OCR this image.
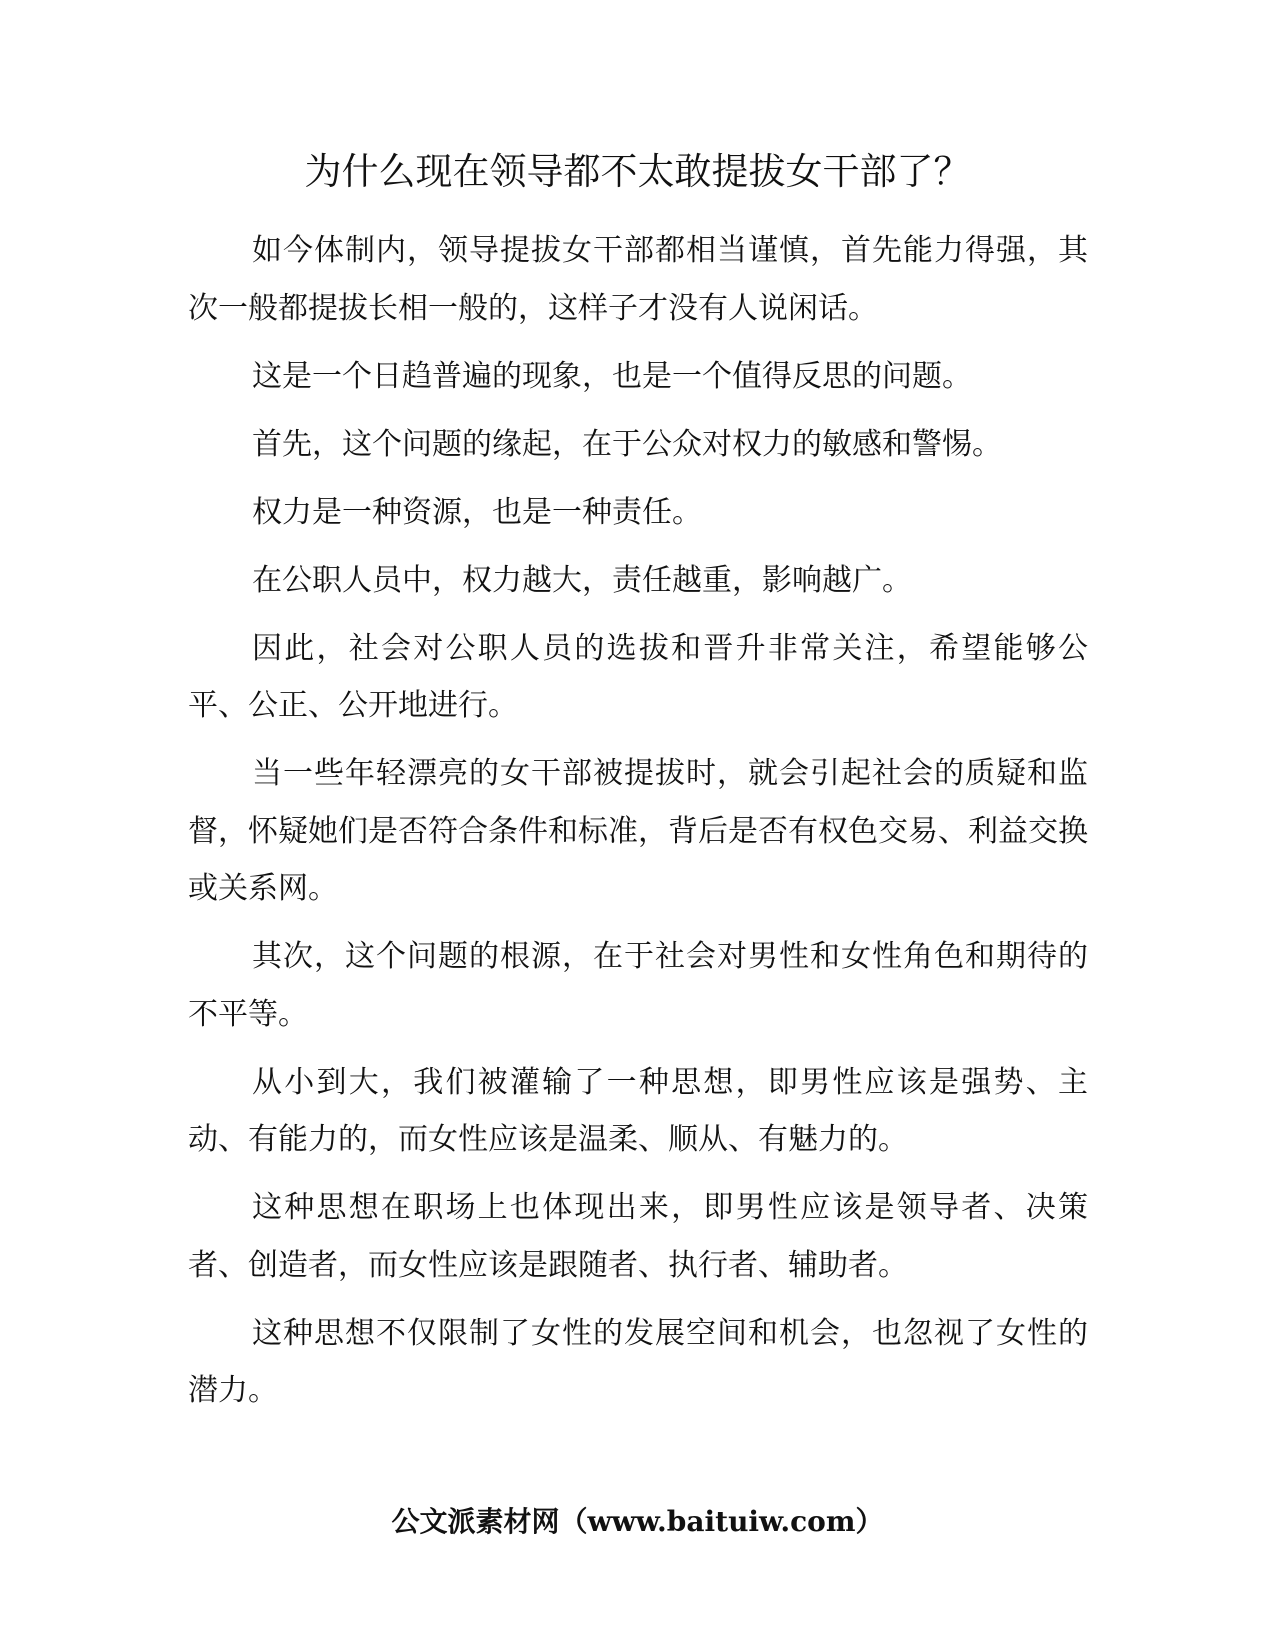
为什么现在领导都不太敢提拔女干部了？

如今体制内，领导提拔女干部都相当谨慎，首先能力得强，其次一般都提拔长相一般的，这样子才没有人说闲话。

这是一个日趋普遍的现象，也是一个值得反思的问题。

首先，这个问题的缘起，在于公众对权力的敏感和警惕。

权力是一种资源，也是一种责任。

在公职人员中，权力越大，责任越重，影响越广。

因此，社会对公职人员的选拔和晋升非常关注，希望能够公平、公正、公开地进行。

当一些年轻漂亮的女干部被提拔时，就会引起社会的质疑和监督，怀疑她们是否符合条件和标准，背后是否有权色交易、利益交换或关系网。

其次，这个问题的根源，在于社会对男性和女性角色和期待的不平等。

从小到大，我们被灌输了一种思想，即男性应该是强势、主动、有能力的，而女性应该是温柔、顺从、有魅力的。

这种思想在职场上也体现出来，即男性应该是领导者、决策者、创造者，而女性应该是跟随者、执行者、辅助者。

这种思想不仅限制了女性的发展空间和机会，也忽视了女性的潜力。

公文派素材网（www.baituiw.com）
